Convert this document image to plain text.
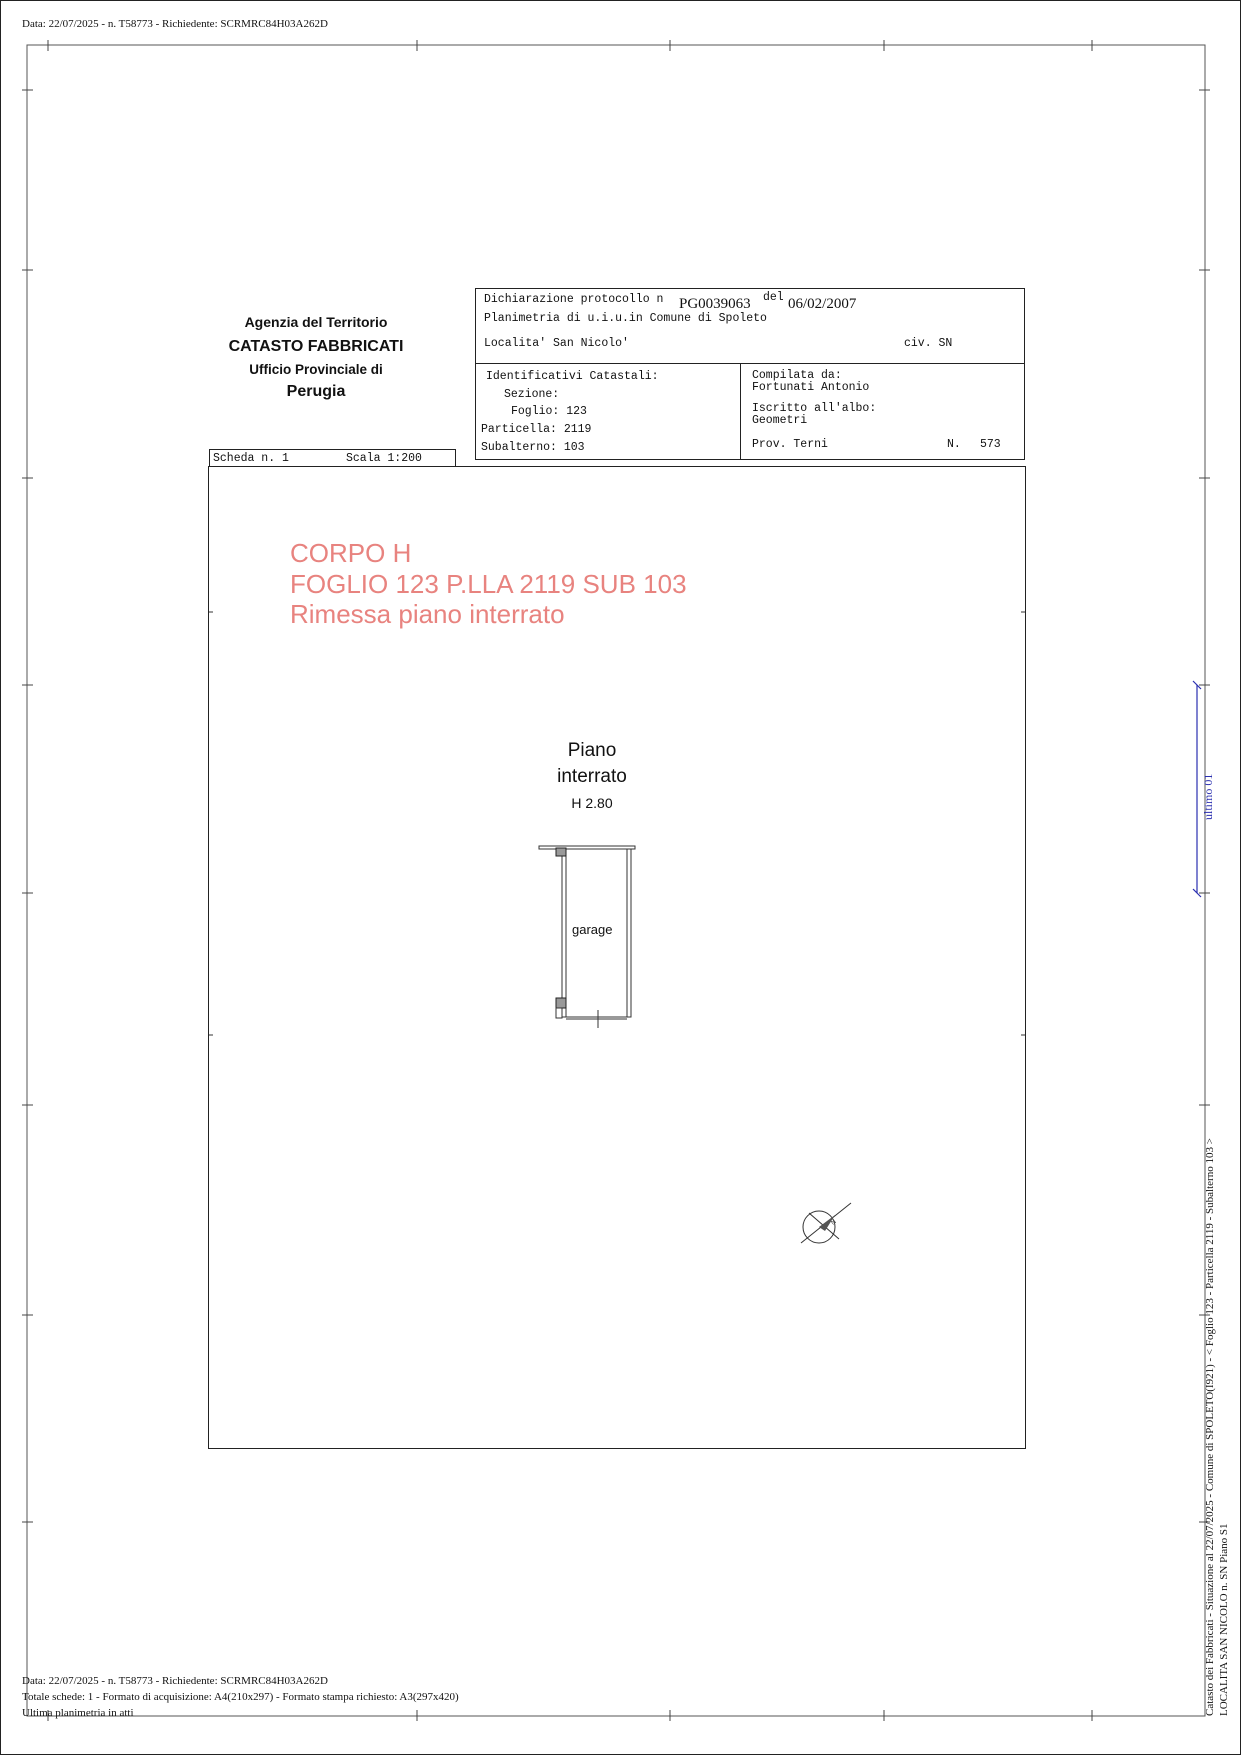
Data: 22/07/2025 - n. T58773 - Richiedente: SCRMRC84H03A262D
Agenzia del Territorio
CATASTO FABBRICATI
Ufficio Provinciale di
Perugia
Dichiarazione protocollo n PG0039063 del 06/02/2007
Planimetria di u.i.u.in Comune di Spoleto
Localita' San Nicolo'	civ. SN
Identificativi Catastali:
Sezione:
Foglio: 123
Particella: 2119
Subalterno: 103
Compilata da:
Fortunati Antonio
Iscritto all'albo:
Geometri
Prov. Terni	N. 573
Scheda n. 1	Scala 1:200
CORPO H
FOGLIO 123 P.LLA 2119 SUB 103
Rimessa piano interrato
Piano
interrato
H 2.80
garage
N
ultimo 01
Catasto dei Fabbricati - Situazione al 22/07/2025 - Comune di SPOLETO(I921) - < Foglio 123 - Particella 2119 - Subalterno 103 > LOCALITA SAN NICOLO n. SN Piano S1
Data: 22/07/2025 - n. T58773 - Richiedente: SCRMRC84H03A262D
Totale schede: 1 - Formato di acquisizione: A4(210x297) - Formato stampa richiesto: A3(297x420)
Ultima planimetria in atti
